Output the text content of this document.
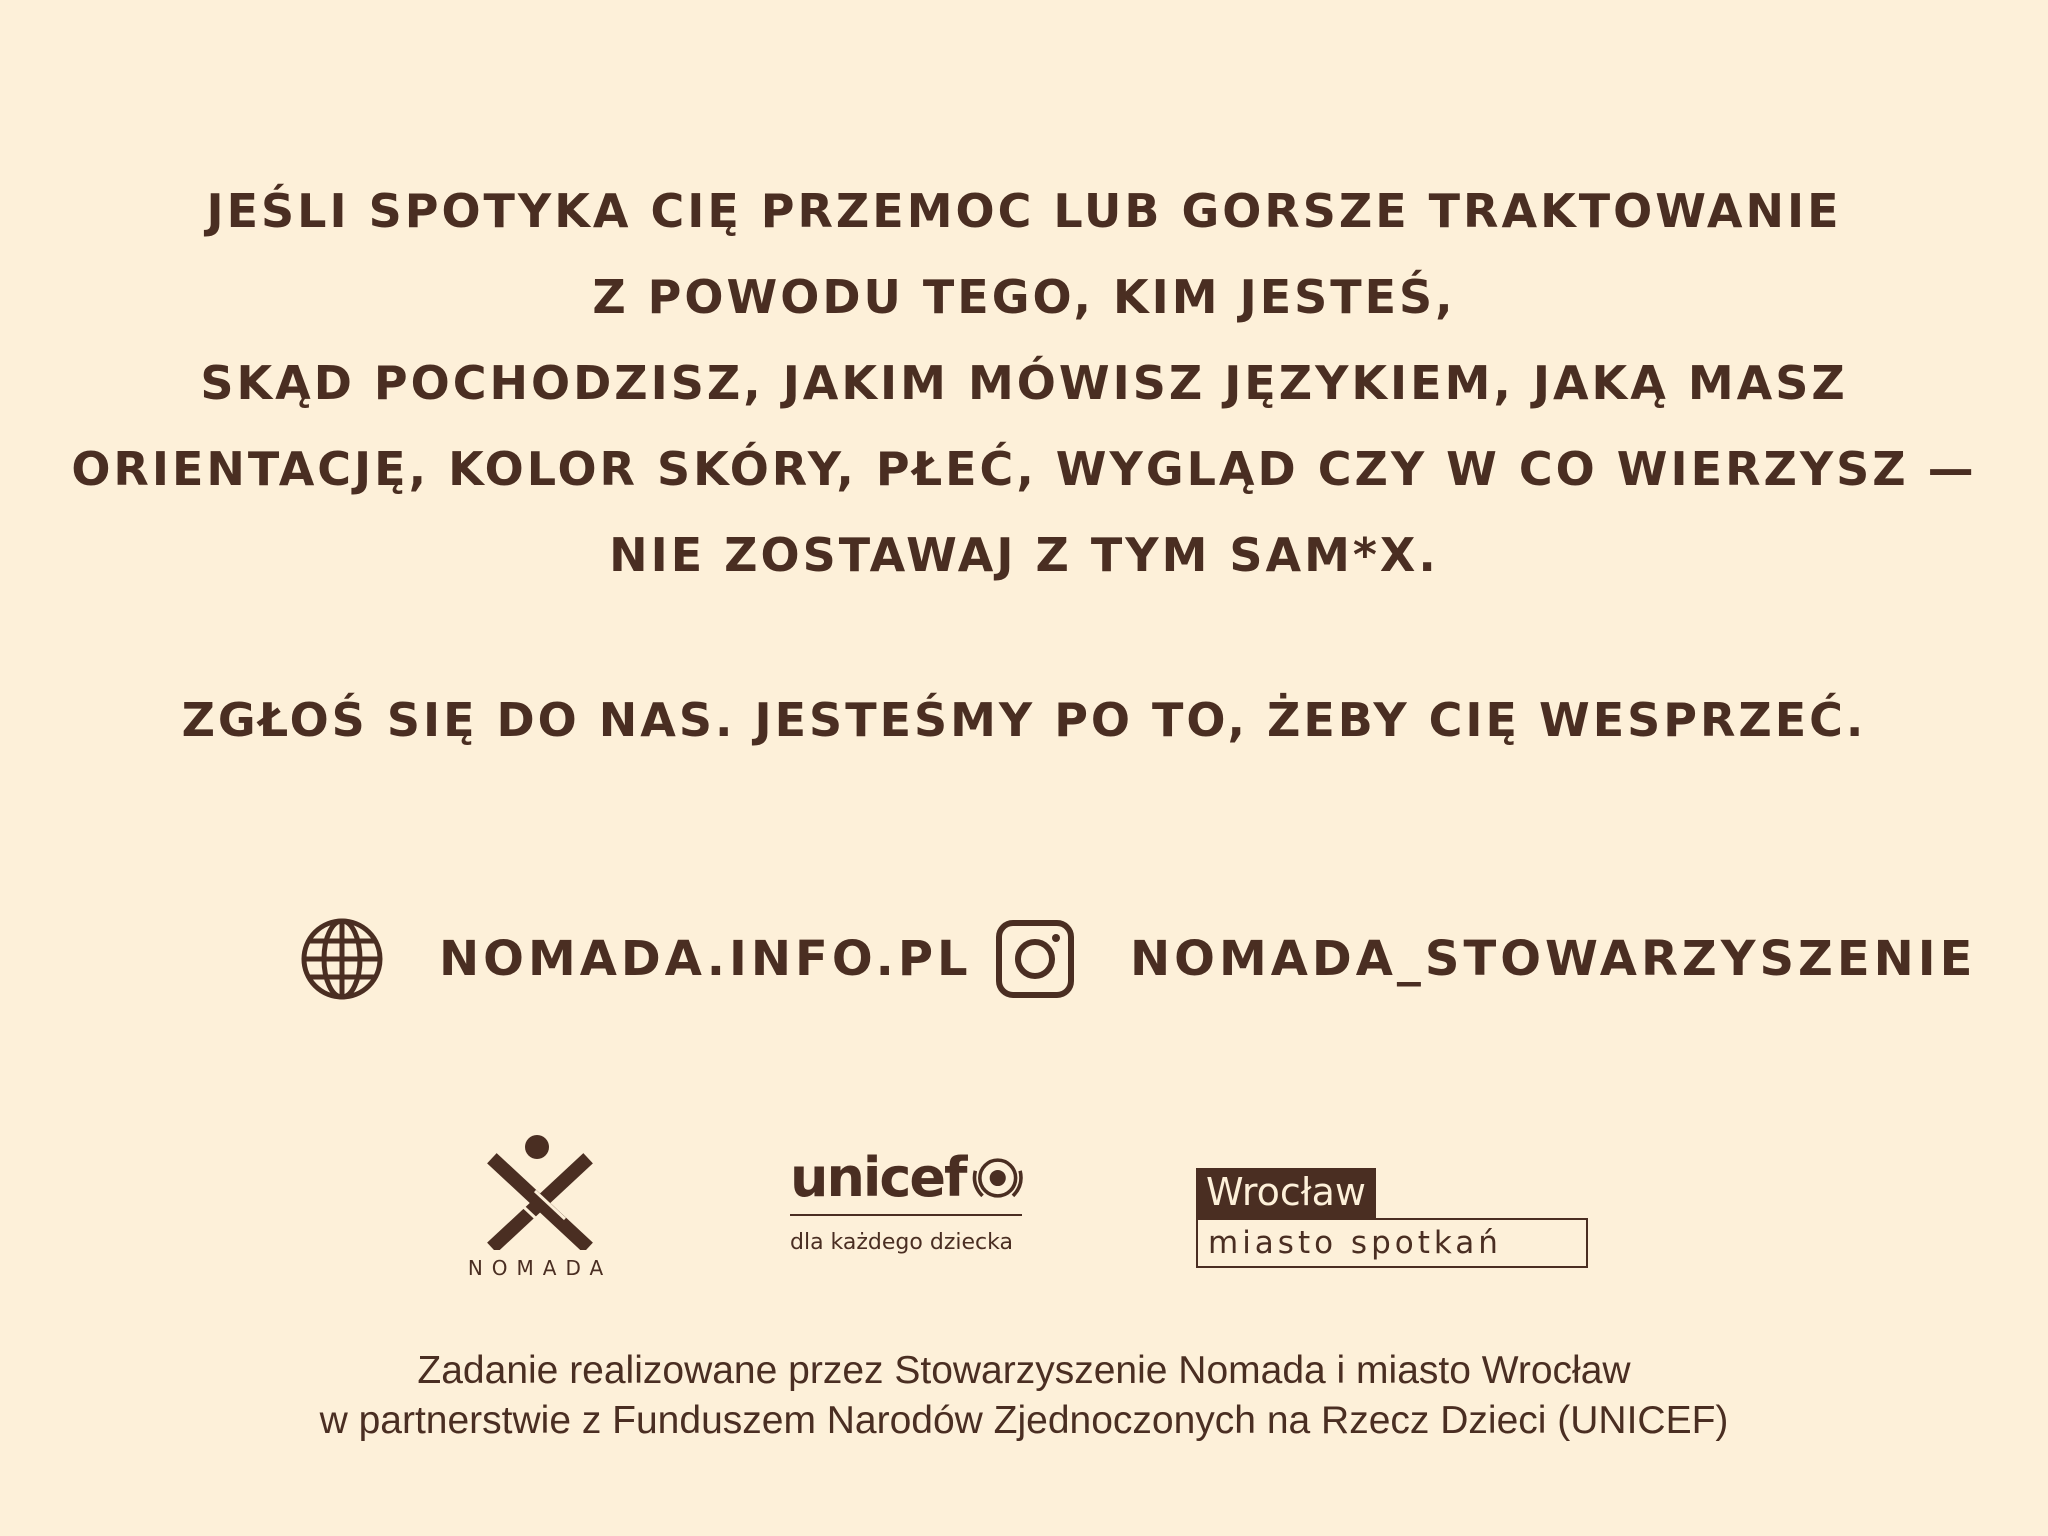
JEŚLI SPOTYKA CIĘ PRZEMOC LUB GORSZE TRAKTOWANIE
Z POWODU TEGO, KIM JESTEŚ,
SKĄD POCHODZISZ, JAKIM MÓWISZ JĘZYKIEM, JAKĄ MASZ
ORIENTACJĘ, KOLOR SKÓRY, PŁEĆ, WYGLĄD CZY W CO WIERZYSZ —
NIE ZOSTAWAJ Z TYM SAM*X.
ZGŁOŚ SIĘ DO NAS. JESTEŚMY PO TO, ŻEBY CIĘ WESPRZEĆ.
NOMADA.INFO.PL	NOMADA_STOWARZYSZENIE
NOMADA
unicef
dla każdego dziecka
Wrocław
miasto spotkań
Zadanie realizowane przez Stowarzyszenie Nomada i miasto Wrocław
w partnerstwie z Funduszem Narodów Zjednoczonych na Rzecz Dzieci (UNICEF)
